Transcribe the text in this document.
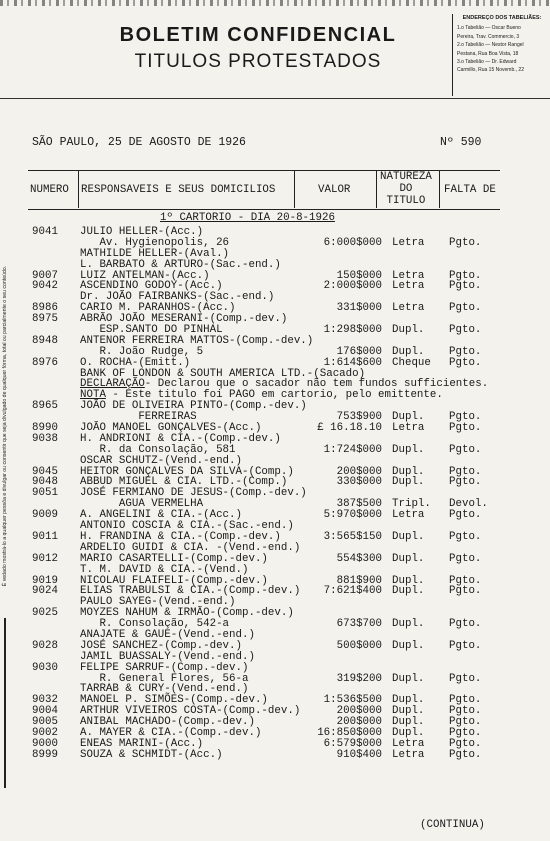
BOLETIM CONFIDENCIAL
TITULOS PROTESTADOS
ENDEREÇO DOS TABELIÃES:
1.o Tabelião — Oscar Bueno
Pereira, Trav. Commercio, 3
2.o Tabelião — Nestor Rangel
Pestana, Rua Boa Vista, 18
3.o Tabelião — Dr. Edward
Carmillo, Rua 15 Novemb., 22
É vedado mostrá-lo a qualquer pessôa e divulgar ou consentir que seja divulgado de qualquer fórma, total ou parcialmente o seu conteúdo.
SÃO PAULO, 25 DE AGOSTO DE 1926	Nº 590
NUMERO RESPONSAVEIS E SEUS DOMICILIOS	VALOR
NATUREZA
DO
TITULO
FALTA DE

1º CARTORIO - DIA 20-8-1926

9041 JULIO HELLER-(Acc.)
Av. Hygienopolis, 26	6:000$000 Letra Pgto.
MATHILDE HELLER-(Aval.)
L. BARBATO & ARTURO-(Sac.-end.)
9007 LUIZ ANTELMAN-(Acc.)	150$000 Letra Pgto.
9042 ASCENDINO GODOY-(Acc.)	2:000$000 Letra Pgto.
Dr. JOÃO FAIRBANKS-(Sac.-end.)
8986 CARIO M. PARANHOS-(Acc.)	331$000 Letra Pgto.
8975 ABRÃO JOÃO MESERANI-(Comp.-dev.)
ESP.SANTO DO PINHAL	1:298$000 Dupl. Pgto.
8948 ANTENOR FERREIRA MATTOS-(Comp.-dev.)
R. João Rudge, 5	176$000 Dupl. Pgto.
8976 O. ROCHA-(Emitt.)	1:614$600 Cheque Pgto.
BANK OF LONDON & SOUTH AMERICA LTD.-(Sacado)
DECLARAÇÃO- Declarou que o sacador não tem fundos sufficientes.
NOTA - Este titulo foi PAGO em cartorio, pelo emittente.
8965 JOÃO DE OLIVEIRA PINTO-(Comp.-dev.)
FERREIRAS	753$900 Dupl. Pgto.
8990 JOÃO MANOEL GONÇALVES-(Acc.)	£ 16.18.10 Letra Pgto.
9038 H. ANDRIONI & CIA.-(Comp.-dev.)
R. da Consolação, 581	1:724$000 Dupl. Pgto.
OSCAR SCHUTZ-(Vend.-end.)
9045 HEITOR GONÇALVES DA SILVA-(Comp.)	200$000 Dupl. Pgto.
9048 ABBUD MIGUEL & CIA. LTD.-(Comp.)	330$000 Dupl. Pgto.
9051 JOSÉ FERMIANO DE JESUS-(Comp.-dev.)
AGUA VERMELHA	387$500 Tripl. Devol.
9009 A. ANGELINI & CIA.-(Acc.)	5:970$000 Letra Pgto.
ANTONIO COSCIA & CIA.-(Sac.-end.)
9011 H. FRANDINA & CIA.-(Comp.-dev.)	3:565$150 Dupl. Pgto.
ARDELIO GUIDI & CIA. -(Vend.-end.)
9012 MARIO CASARTELLI-(Comp.-dev.)	554$300 Dupl. Pgto.
T. M. DAVID & CIA.-(Vend.)
9019 NICOLAU FLAIFELI-(Comp.-dev.)	881$900 Dupl. Pgto.
9024 ELIAS TRABULSI & CIA.-(Comp.-dev.)	7:621$400 Dupl. Pgto.
PAULO SAYEG-(Vend.-end.)
9025 MOYZES NAHUM & IRMÃO-(Comp.-dev.)
R. Consolação, 542-a	673$700 Dupl. Pgto.
ANAJATE & GAUE-(Vend.-end.)
9028 JOSÉ SANCHEZ-(Comp.-dev.)	500$000 Dupl. Pgto.
JAMIL BUASSALY-(Vend.-end.)
9030 FELIPE SARRUF-(Comp.-dev.)
R. General Flores, 56-a	319$200 Dupl. Pgto.
TARRAB & CURY-(Vend.-end.)
9032 MANOEL P. SIMÕES-(Comp.-dev.)	1:536$500 Dupl. Pgto.
9004 ARTHUR VIVEIROS COSTA-(Comp.-dev.)	200$000 Dupl. Pgto.
9005 ANIBAL MACHADO-(Comp.-dev.)	200$000 Dupl. Pgto.
9002 A. MAYER & CIA.-(Comp.-dev.)	16:850$000 Dupl. Pgto.
9000 ENEAS MARINI-(Acc.)	6:579$000 Letra Pgto.
8999 SOUZA & SCHMIDT-(Acc.)	910$400 Letra Pgto.
(CONTINUA)
